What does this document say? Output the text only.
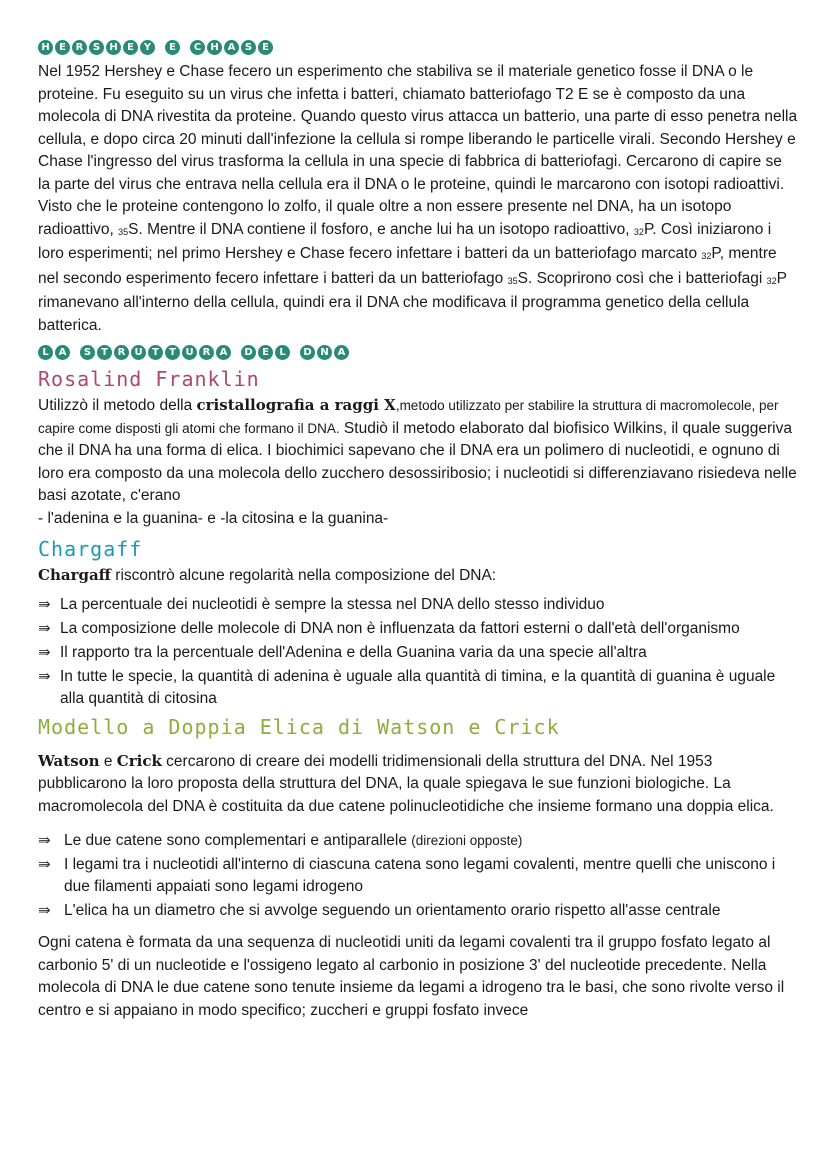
H E R S H E Y	E	C H A S E

Nel 1952 Hershey e Chase fecero un esperimento che stabiliva se il materiale genetico fosse il DNA o le proteine. Fu eseguito su un virus che infetta i batteri, chiamato batteriofago T2 E se è composto da una molecola di DNA rivestita da proteine. Quando questo virus attacca un batterio, una parte di esso penetra nella cellula, e dopo circa 20 minuti dall'infezione la cellula si rompe liberando le particelle virali. Secondo Hershey e Chase l'ingresso del virus trasforma la cellula in una specie di fabbrica di batteriofagi. Cercarono di capire se la parte del virus che entrava nella cellula era il DNA o le proteine, quindi le marcarono con isotopi radioattivi. Visto che le proteine contengono lo zolfo, il quale oltre a non essere presente nel DNA, ha un isotopo radioattivo, $_{35}$S. Mentre il DNA contiene il fosforo, e anche lui ha un isotopo radioattivo, $_{32}$P. Così iniziarono i loro esperimenti; nel primo Hershey e Chase fecero infettare i batteri da un batteriofago marcato $_{32}$P, mentre nel secondo esperimento fecero infettare i batteri da un batteriofago $_{35}$S. Scoprirono così che i batteriofagi $_{32}$P rimanevano all'interno della cellula, quindi era il DNA che modificava il programma genetico della cellula batterica.

L A	S T R U T	T U R A	D E	L	D N A
Rosalind Franklin

Utilizzò il metodo della cristallografia a raggi X,metodo utilizzato per stabilire la struttura di macromolecole, per capire come disposti gli atomi che formano il DNA. Studiò il metodo elaborato dal biofisico Wilkins, il quale suggeriva che il DNA ha una forma di elica. I biochimici sapevano che il DNA era un polimero di nucleotidi, e ognuno di loro era composto da una molecola dello zucchero desossiribosio; i nucleotidi si differenziavano risiedeva nelle basi azotate, c'erano

- l'adenina e la guanina- e -la citosina e la guanina-

Chargaff

Chargaff riscontrò alcune regolarità nella composizione del DNA:

⇛ La percentuale dei nucleotidi è sempre la stessa nel DNA dello stesso individuo
⇛ La composizione delle molecole di DNA non è influenzata da fattori esterni o dall'età dell'organismo
⇛ Il rapporto tra la percentuale dell'Adenina e della Guanina varia da una specie all'altra
⇛ In tutte le specie, la quantità di adenina è uguale alla quantità di timina, e la quantità di guanina è uguale alla quantità di citosina
Modello a Doppia Elica di Watson e Crick

Watson e Crick cercarono di creare dei modelli tridimensionali della struttura del DNA. Nel 1953 pubblicarono la loro proposta della struttura del DNA, la quale spiegava le sue funzioni biologiche. La macromolecola del DNA è costituita da due catene polinucleotidiche che insieme formano una doppia elica.

⇛ Le due catene sono complementari e antiparallele (direzioni opposte)
⇛ I legami tra i nucleotidi all'interno di ciascuna catena sono legami covalenti, mentre quelli che uniscono i due filamenti appaiati sono legami idrogeno
⇛ L'elica ha un diametro che si avvolge seguendo un orientamento orario rispetto all'asse centrale

Ogni catena è formata da una sequenza di nucleotidi uniti da legami covalenti tra il gruppo fosfato legato al carbonio 5' di un nucleotide e l'ossigeno legato al carbonio in posizione 3' del nucleotide precedente. Nella molecola di DNA le due catene sono tenute insieme da legami a idrogeno tra le basi, che sono rivolte verso il centro e si appaiano in modo specifico; zuccheri e gruppi fosfato invece
